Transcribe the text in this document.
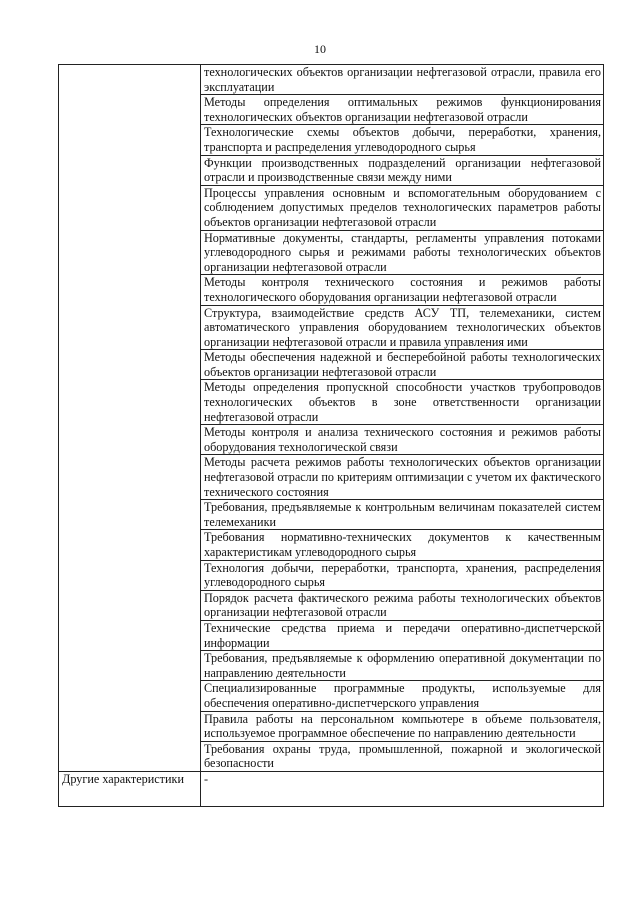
10
	технологических объектов организации нефтегазовой отрасли, правила его эксплуатации
	Методы определения оптимальных режимов функционирования технологических объектов организации нефтегазовой отрасли
	Технологические схемы объектов добычи, переработки, хранения, транспорта и распределения углеводородного сырья
	Функции производственных подразделений организации нефтегазовой отрасли и производственные связи между ними
	Процессы управления основным и вспомогательным оборудованием с соблюдением допустимых пределов технологических параметров работы объектов организации нефтегазовой отрасли
	Нормативные документы, стандарты, регламенты управления потоками углеводородного сырья и режимами работы технологических объектов организации нефтегазовой отрасли
	Методы контроля технического состояния и режимов работы технологического оборудования организации нефтегазовой отрасли
	Структура, взаимодействие средств АСУ ТП, телемеханики, систем автоматического управления оборудованием технологических объектов организации нефтегазовой отрасли и правила управления ими
	Методы обеспечения надежной и бесперебойной работы технологических объектов организации нефтегазовой отрасли
	Методы определения пропускной способности участков трубопроводов технологических объектов в зоне ответственности организации нефтегазовой отрасли
	Методы контроля и анализа технического состояния и режимов работы оборудования технологической связи
	Методы расчета режимов работы технологических объектов организации нефтегазовой отрасли по критериям оптимизации с учетом их фактического технического состояния
	Требования, предъявляемые к контрольным величинам показателей систем телемеханики
	Требования нормативно-технических документов к качественным характеристикам углеводородного сырья
	Технология добычи, переработки, транспорта, хранения, распределения углеводородного сырья
	Порядок расчета фактического режима работы технологических объектов организации нефтегазовой отрасли
	Технические средства приема и передачи оперативно-диспетчерской информации
	Требования, предъявляемые к оформлению оперативной документации по направлению деятельности
	Специализированные программные продукты, используемые для обеспечения оперативно-диспетчерского управления
	Правила работы на персональном компьютере в объеме пользователя, используемое программное обеспечение по направлению деятельности
	Требования охраны труда, промышленной, пожарной и экологической безопасности
Другие характеристики	-
